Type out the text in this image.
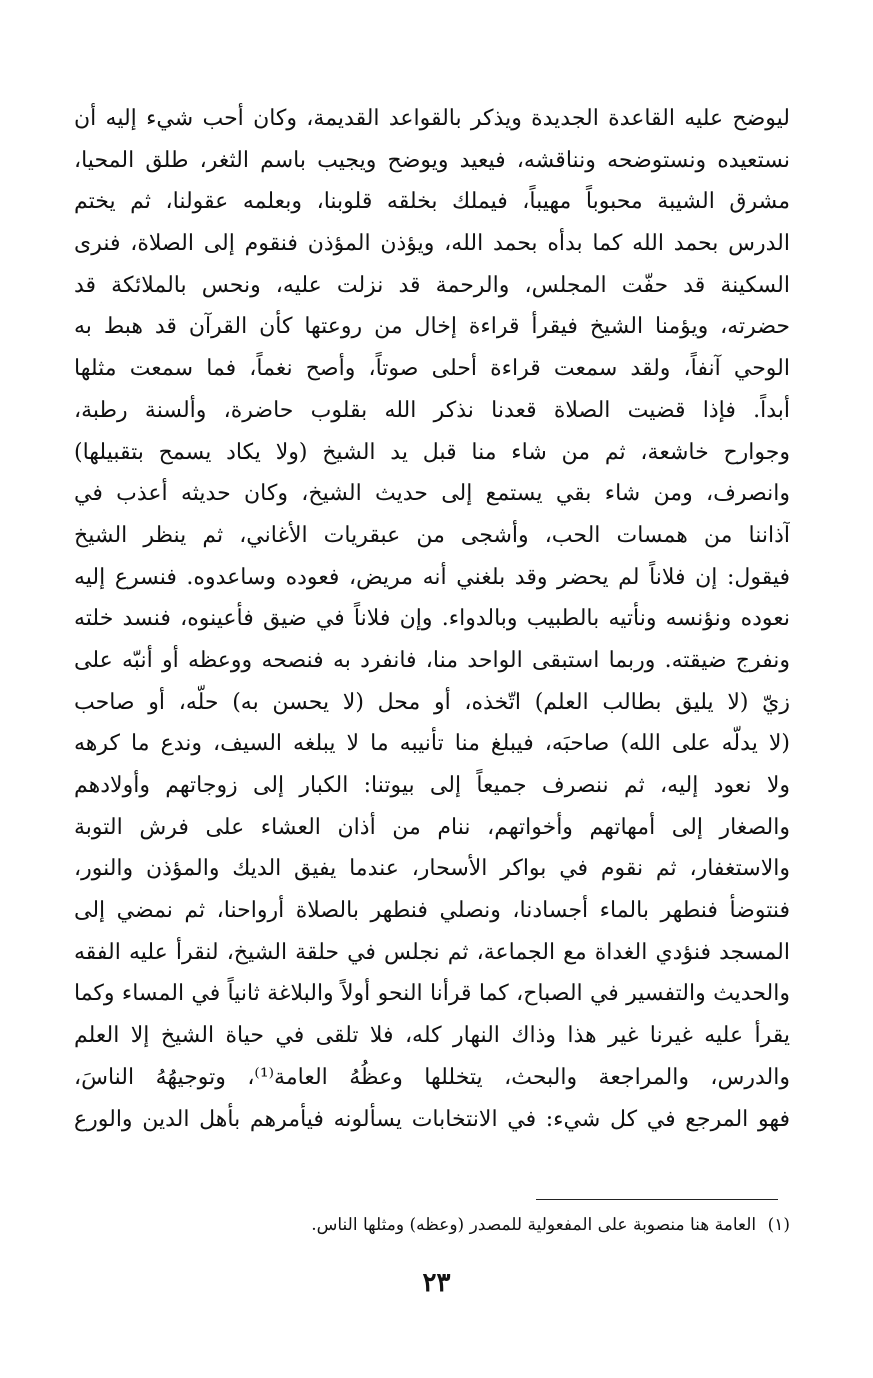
ليوضح عليه القاعدة الجديدة ويذكر بالقواعد القديمة، وكان أحب شيء إليه أن
نستعيده ونستوضحه ونناقشه، فيعيد ويوضح ويجيب باسم الثغر، طلق المحيا،
مشرق الشيبة محبوباً مهيباً، فيملك بخلقه قلوبنا، وبعلمه عقولنا، ثم يختم
الدرس بحمد الله كما بدأه بحمد الله، ويؤذن المؤذن فنقوم إلى الصلاة، فنرى
السكينة قد حفّت المجلس، والرحمة قد نزلت عليه، ونحس بالملائكة قد
حضرته، ويؤمنا الشيخ فيقرأ قراءة إخال من روعتها كأن القرآن قد هبط به
الوحي آنفاً، ولقد سمعت قراءة أحلى صوتاً، وأصح نغماً، فما سمعت مثلها
أبداً. فإذا قضيت الصلاة قعدنا نذكر الله بقلوب حاضرة، وألسنة رطبة،
وجوارح خاشعة، ثم من شاء منا قبل يد الشيخ (ولا يكاد يسمح بتقبيلها)
وانصرف، ومن شاء بقي يستمع إلى حديث الشيخ، وكان حديثه أعذب في
آذاننا من همسات الحب، وأشجى من عبقريات الأغاني، ثم ينظر الشيخ
فيقول: إن فلاناً لم يحضر وقد بلغني أنه مريض، فعوده وساعدوه. فنسرع إليه
نعوده ونؤنسه ونأتيه بالطبيب وبالدواء. وإن فلاناً في ضيق فأعينوه، فنسد خلته
ونفرج ضيقته. وربما استبقى الواحد منا، فانفرد به فنصحه ووعظه أو أنبّه على
زيّ (لا يليق بطالب العلم) اتّخذه، أو محل (لا يحسن به) حلّه، أو صاحب
(لا يدلّه على الله) صاحبَه، فيبلغ منا تأنيبه ما لا يبلغه السيف، وندع ما كرهه
ولا نعود إليه، ثم ننصرف جميعاً إلى بيوتنا: الكبار إلى زوجاتهم وأولادهم
والصغار إلى أمهاتهم وأخواتهم، ننام من أذان العشاء على فرش التوبة
والاستغفار، ثم نقوم في بواكر الأسحار، عندما يفيق الديك والمؤذن والنور،
فنتوضأ فنطهر بالماء أجسادنا، ونصلي فنطهر بالصلاة أرواحنا، ثم نمضي إلى
المسجد فنؤدي الغداة مع الجماعة، ثم نجلس في حلقة الشيخ، لنقرأ عليه الفقه
والحديث والتفسير في الصباح، كما قرأنا النحو أولاً والبلاغة ثانياً في المساء وكما
يقرأ عليه غيرنا غير هذا وذاك النهار كله، فلا تلقى في حياة الشيخ إلا العلم
والدرس، والمراجعة والبحث، يتخللها وعظُهُ العامة⁽¹⁾، وتوجيهُهُ الناسَ،
فهو المرجع في كل شيء: في الانتخابات يسألونه فيأمرهم بأهل الدين والورع
(١) العامة هنا منصوبة على المفعولية للمصدر (وعظه) ومثلها الناس.
٢٣
